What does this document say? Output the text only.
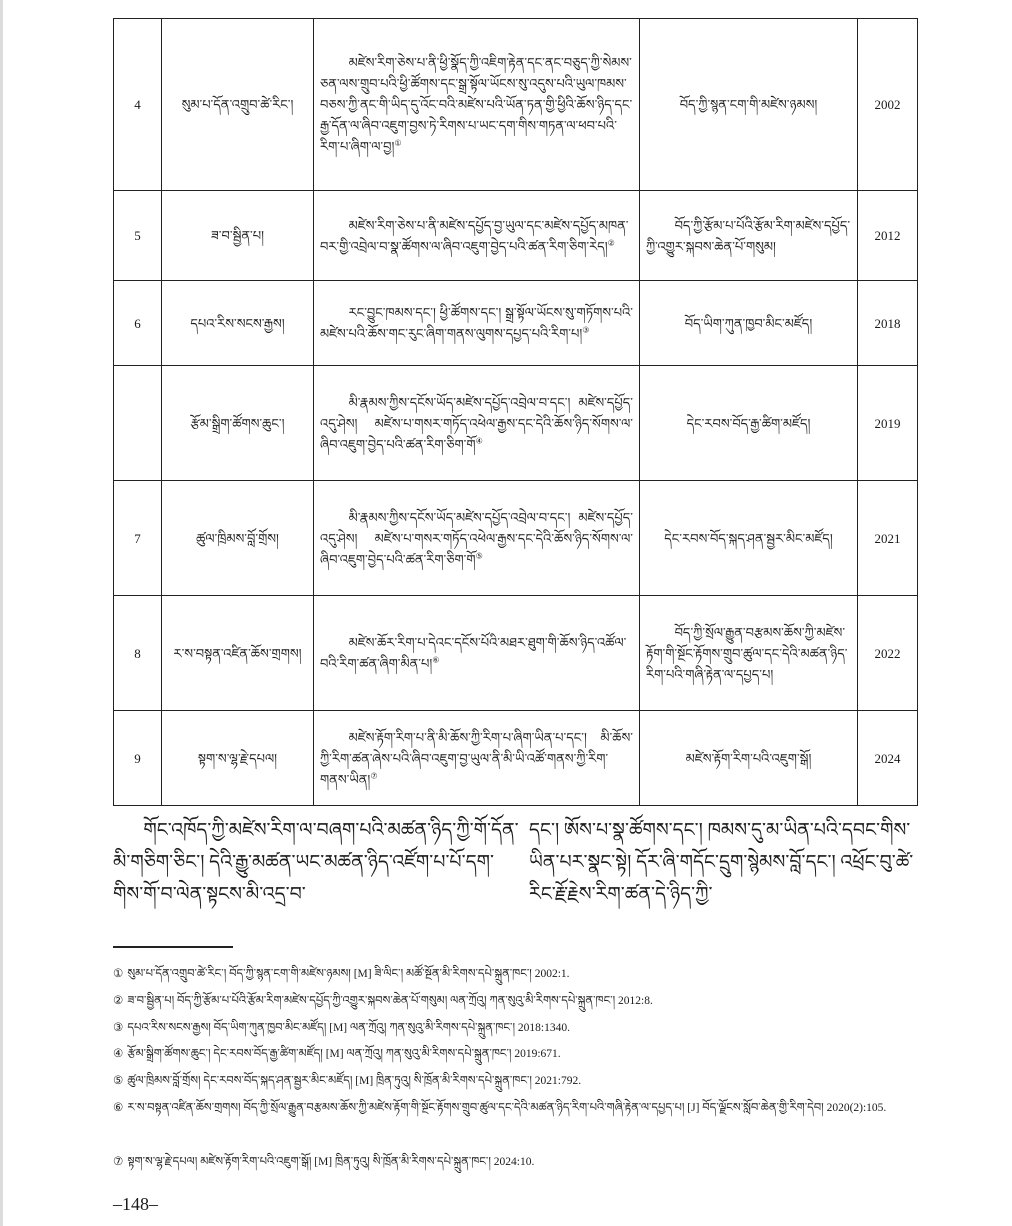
4	སུམ་པ་དོན་འགྲུབ་ཚེ་རིང་།	མཛེས་རིག་ཅེས་པ་ནི་ཕྱི་སྣོད་ཀྱི་འཇིག་རྟེན་དང་ནང་བཅུད་ཀྱི་སེམས་ཅན་ལས་གྲུབ་པའི་ཕྱི་ཚོགས་དང་སྒྲ་སྟོལ་ཡོངས་སུ་འདུས་པའི་ཡུལ་ཁམས་བཅས་ཀྱི་ནང་གི་ཡིད་དུ་འོང་བའི་མཛེས་པའི་ཡོན་ཏན་གྱི་ཕྱིའི་ཆོས་ཉིད་དང་རྒྱ་དོན་ལ་ཞིབ་འཇུག་བྱས་ཏེ་རིགས་པ་ཡང་དག་གིས་གཏན་ལ་ཕབ་པའི་རིག་པ་ཞིག་ལ་བྱ།①	བོད་ཀྱི་སྙན་ངག་གི་མཛེས་ཉམས།	2002
5	ཟ་བ་སྦྱིན་པ།	མཛེས་རིག་ཅེས་པ་ནི་མཛེས་དཔྱོད་བྱ་ཡུལ་དང་མཛེས་དཔྱོད་མཁན་བར་གྱི་འབྲེལ་བ་སྣ་ཚོགས་ལ་ཞིབ་འཇུག་བྱེད་པའི་ཚན་རིག་ཅིག་རེད།②	བོད་ཀྱི་རྩོམ་པ་པོའི་རྩོམ་རིག་མཛེས་དཔྱོད་ཀྱི་འགྱུར་སྐབས་ཆེན་པོ་གསུམ།	2012
6	དཔའ་རིས་སངས་རྒྱས།	རང་བྱུང་ཁམས་དང་། ཕྱི་ཚོགས་དང་། སྒྲ་སྟོལ་ཡོངས་སུ་གཏོགས་པའི་མཛེས་པའི་ཆོས་གང་རུང་ཞིག་གནས་ལུགས་དཔྱད་པའི་རིག་པ།③	བོད་ཡིག་ཀུན་ཁྱབ་མིང་མཛོད།	2018
	རྩོམ་སྒྲིག་ཚོགས་ཆུང་།	མི་རྣམས་ཀྱིས་དངོས་ཡོད་མཛེས་དཔྱོད་འབྲེལ་བ་དང་། མཛེས་དཔྱོད་འདུ་ཤེས། མཛེས་པ་གསར་གཏོད་འཕེལ་རྒྱས་དང་དེའི་ཆོས་ཉིད་སོགས་ལ་ཞིབ་འཇུག་བྱེད་པའི་ཚན་རིག་ཅིག་གོ④	དེང་རབས་བོད་རྒྱ་ཚིག་མཛོད།	2019
7	ཚུལ་ཁྲིམས་བློ་གྲོས།	མི་རྣམས་ཀྱིས་དངོས་ཡོད་མཛེས་དཔྱོད་འབྲེལ་བ་དང་། མཛེས་དཔྱོད་འདུ་ཤེས། མཛེས་པ་གསར་གཏོད་འཕེལ་རྒྱས་དང་དེའི་ཆོས་ཉིད་སོགས་ལ་ཞིབ་འཇུག་བྱེད་པའི་ཚན་རིག་ཅིག་གོ⑤	དེང་རབས་བོད་སྐད་ཤན་སྦྱར་མིང་མཛོད།	2021
8	ར་ས་བསྟན་འཛིན་ཆོས་གྲགས།	མཛེས་ཆོར་རིག་པ་དེའང་དངོས་པོའི་མཐར་ཐུག་གི་ཆོས་ཉིད་འཚོལ་བའི་རིག་ཚན་ཞིག་མིན་པ།⑥	བོད་ཀྱི་སྲོལ་རྒྱུན་བརྩམས་ཆོས་ཀྱི་མཛེས་རྟོག་གི་སྔོང་རྟོགས་གྲུབ་ཚུལ་དང་དེའི་མཚན་ཉིད་རིག་པའི་གཞི་རྟེན་ལ་དཔྱད་པ།	2022
9	སྟག་ས་ལྷ་རྗེ་དཔལ།	མཛེས་རྟོག་རིག་པ་ནི་མི་ཆོས་ཀྱི་རིག་པ་ཞིག་ཡིན་པ་དང་། མི་ཆོས་ཀྱི་རིག་ཚན་ཞེས་པའི་ཞིབ་འཇུག་བྱ་ཡུལ་ནི་མི་ཡི་འཚོ་གནས་ཀྱི་རིག་གནས་ཡིན།⑦	མཛེས་རྟོག་རིག་པའི་འཇུག་སྒོ།	2024
གོང་འཁོད་ཀྱི་མཛེས་རིག་ལ་བཞག་པའི་མཚན་ཉིད་ཀྱི་གོ་དོན་མི་གཅིག་ཅིང་། དེའི་རྒྱུ་མཚན་ཡང་མཚན་ཉིད་འཛོག་པ་པོ་དག་གིས་གོ་བ་ལེན་སྟངས་མི་འདྲ་བ་
དང་། ཨོས་པ་སྣ་ཚོགས་དང་། ཁམས་དུ་མ་ཡིན་པའི་དབང་གིས་ཡིན་པར་སྣང་སྟེ། དོར་ཞི་གདོང་དྲུག་སྙེམས་བློ་དང་། འཕྲོང་བུ་ཚེ་རིང་རྗོ་རྗེས་རིག་ཚན་དེ་ཉིད་ཀྱི་
① སུམ་པ་དོན་འགྲུབ་ཚེ་རིང་། བོད་ཀྱི་སྙན་ངག་གི་མཛེས་ཉམས། [M] ཟི་ལིང་། མཚོ་སྔོན་མི་རིགས་དཔེ་སྐྲུན་ཁང་། 2002:1.
② ཟ་བ་སྦྱིན་པ། བོད་ཀྱི་རྩོམ་པ་པོའི་རྩོམ་རིག་མཛེས་དཔྱོད་ཀྱི་འགྱུར་སྐབས་ཆེན་པོ་གསུམ། ལན་ཀྲོའུ། ཀན་སུའུ་མི་རིགས་དཔེ་སྐྲུན་ཁང་། 2012:8.
③ དཔའ་རིས་སངས་རྒྱས། བོད་ཡིག་ཀུན་ཁྱབ་མིང་མཛོད། [M] ལན་ཀྲོའུ། ཀན་སུའུ་མི་རིགས་དཔེ་སྐྲུན་ཁང་། 2018:1340.
④ རྩོམ་སྒྲིག་ཚོགས་ཆུང་། དེང་རབས་བོད་རྒྱ་ཚིག་མཛོད། [M] ལན་ཀྲོའུ། ཀན་སུའུ་མི་རིགས་དཔེ་སྐྲུན་ཁང་། 2019:671.
⑤ ཚུལ་ཁྲིམས་བློ་གྲོས། དེང་རབས་བོད་སྐད་ཤན་སྦྱར་མིང་མཛོད། [M] ཁྲིན་ཏུའུ། སི་ཁྲོན་མི་རིགས་དཔེ་སྐྲུན་ཁང་། 2021:792.
⑥ ར་ས་བསྟན་འཛིན་ཆོས་གྲགས། བོད་ཀྱི་སྲོལ་རྒྱུན་བརྩམས་ཆོས་ཀྱི་མཛེས་རྟོག་གི་སྔོང་རྟོགས་གྲུབ་ཚུལ་དང་དེའི་མཚན་ཉིད་རིག་པའི་གཞི་རྟེན་ལ་དཔྱད་པ། [J] བོད་ལྗོངས་སློབ་ཆེན་གྱི་རིག་དེབ། 2020(2):105.
⑦ སྟག་ས་ལྷ་རྗེ་དཔལ། མཛེས་རྟོག་རིག་པའི་འཇུག་སྒོ། [M] ཁྲིན་ཏུའུ། སི་ཁྲོན་མི་རིགས་དཔེ་སྐྲུན་ཁང་། 2024:10.
–148–
